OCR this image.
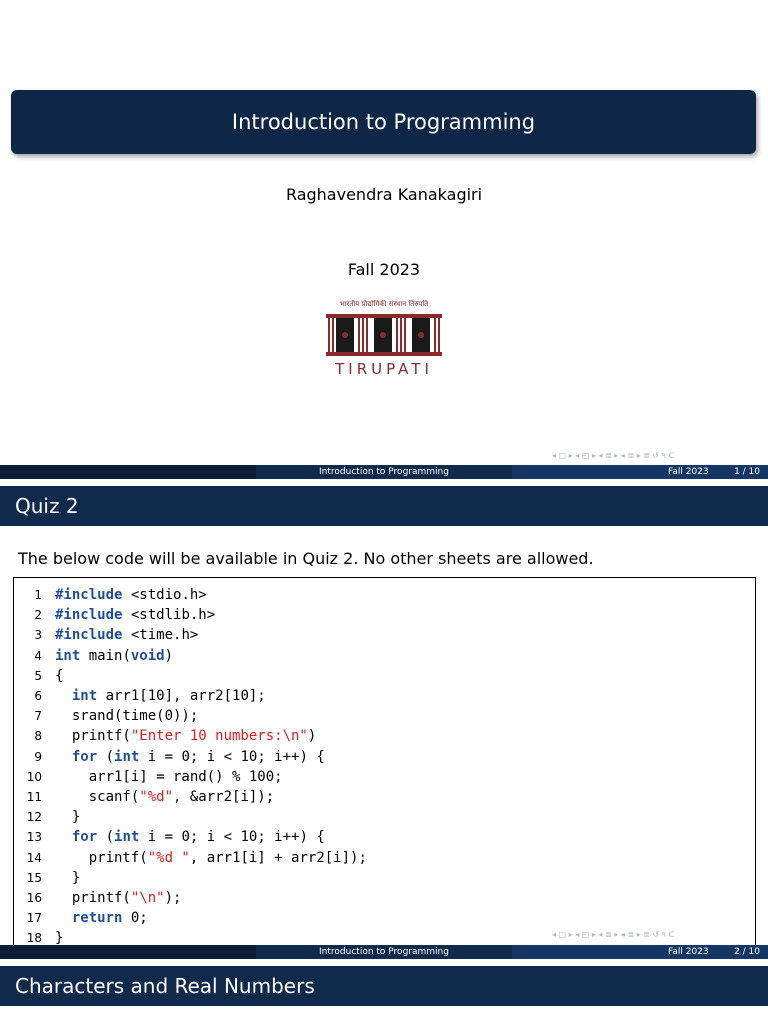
Introduction to Programming
Raghavendra Kanakagiri
Fall 2023
भारतीय प्रौद्योगिकी संस्थान तिरुपति
TIRUPATI
◂ □ ▸ ◂ ◰ ▸ ◂ ≣ ▸ ◂ ≣ ▸ ≣ ↺ ۹ ᑕ
Introduction to Programming	Fall 2023	1 / 10
Quiz 2
The below code will be available in Quiz 2. No other sheets are allowed.
1 #include <stdio.h>
2 #include <stdlib.h>
3 #include <time.h>
4 int main(void)
5 {
6	int arr1[10], arr2[10];
7 srand(time(0));
8 printf("Enter 10 numbers:\n")
9	for (int i = 0; i < 10; i++) {
10 arr1[i] = rand() % 100;
11 scanf("%d", &arr2[i]);
12 }
13	for (int i = 0; i < 10; i++) {
14 printf("%d ", arr1[i] + arr2[i]);
15 }
16 printf("\n");
17	return 0;
18 }	◂ □ ▸ ◂ ◰ ▸ ◂ ≣ ▸ ◂ ≣ ▸ ≣ ↺ ۹ ᑕ
Introduction to Programming	Fall 2023	2 / 10
Characters and Real Numbers
